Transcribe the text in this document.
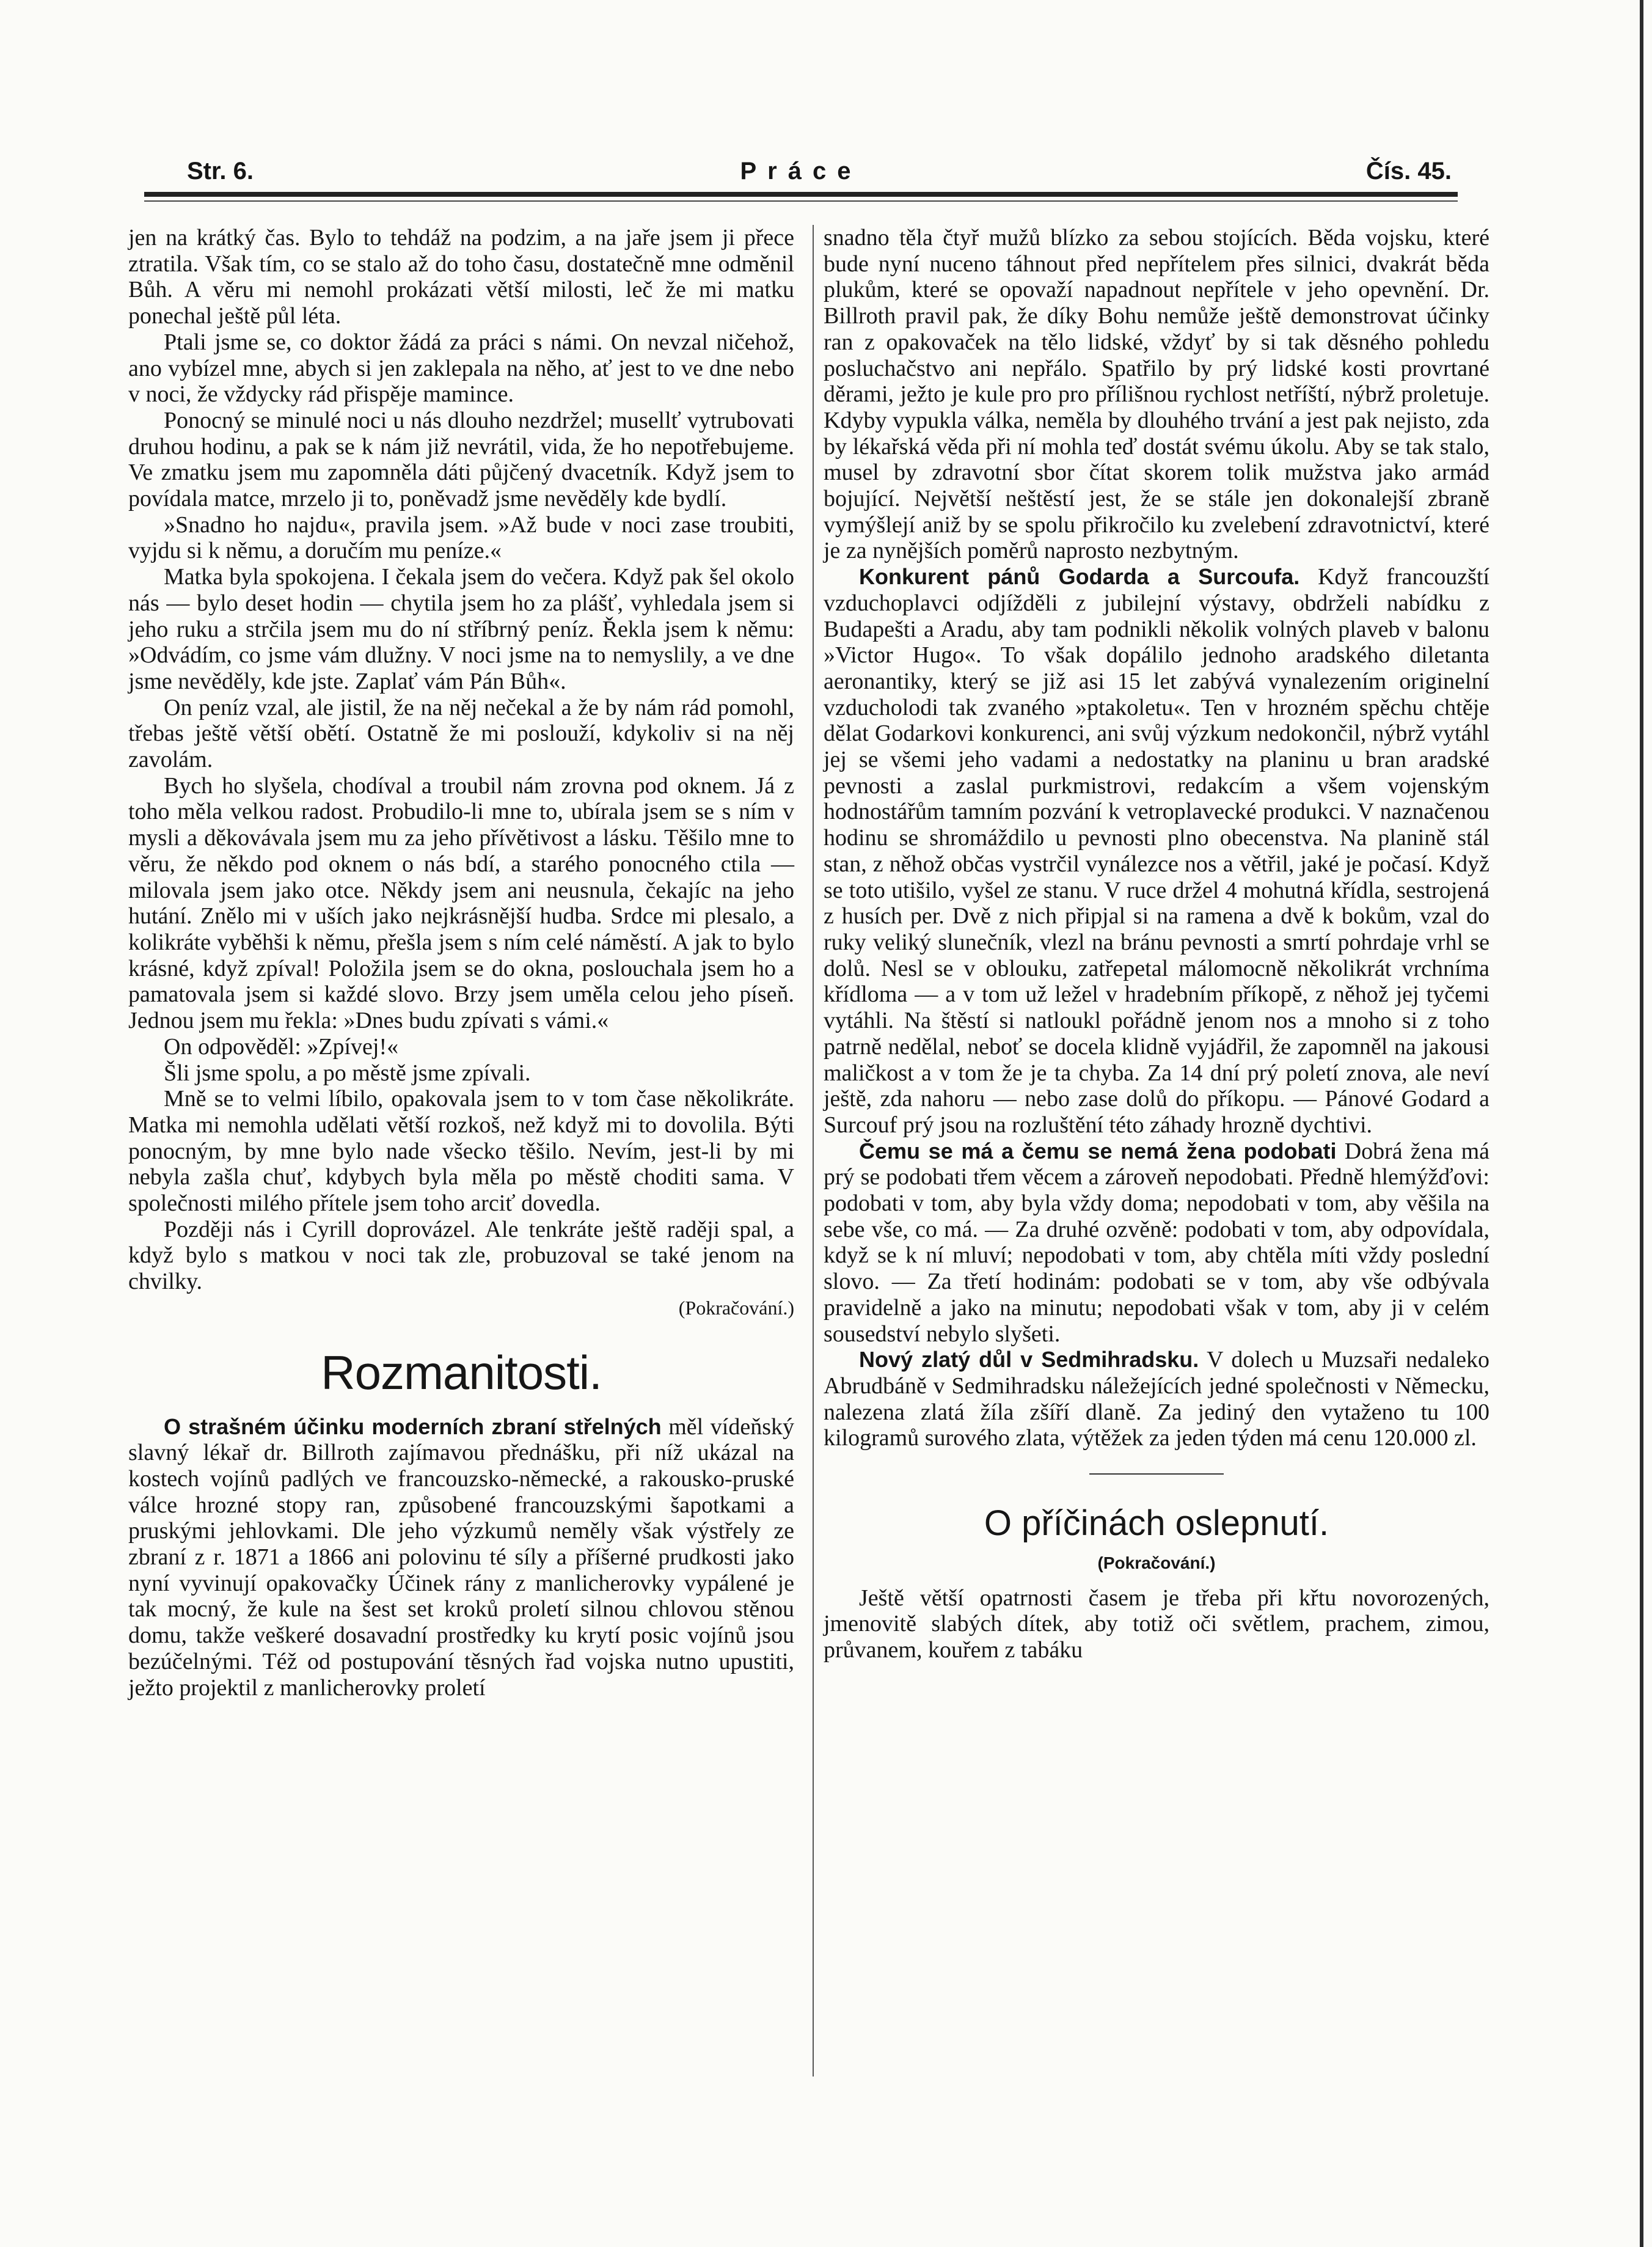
Str. 6.	Práce	Čís. 45.

jen na krátký čas. Bylo to tehdáž na podzim, a na jaře jsem ji přece ztratila. Však tím, co se stalo až do toho času, dostatečně mne odměnil Bůh. A věru mi nemohl prokázati větší milosti, leč že mi matku ponechal ještě půl léta.

Ptali jsme se, co doktor žádá za práci s námi. On nevzal ničehož, ano vybízel mne, abych si jen zaklepala na něho, ať jest to ve dne nebo v noci, že vždycky rád přispěje mamince.

Ponocný se minulé noci u nás dlouho nezdržel; musellť vytrubovati druhou hodinu, a pak se k nám již nevrátil, vida, že ho nepotřebujeme. Ve zmatku jsem mu zapomněla dáti půjčený dvacetník. Když jsem to povídala matce, mrzelo ji to, poněvadž jsme nevěděly kde bydlí.

»Snadno ho najdu«, pravila jsem. »Až bude v noci zase troubiti, vyjdu si k němu, a doručím mu peníze.«

Matka byla spokojena. I čekala jsem do večera. Když pak šel okolo nás — bylo deset hodin — chytila jsem ho za plášť, vyhledala jsem si jeho ruku a strčila jsem mu do ní stříbrný peníz. Řekla jsem k němu: »Odvádím, co jsme vám dlužny. V noci jsme na to nemyslily, a ve dne jsme nevěděly, kde jste. Zaplať vám Pán Bůh«.

On peníz vzal, ale jistil, že na něj nečekal a že by nám rád pomohl, třebas ještě větší obětí. Ostatně že mi poslouží, kdykoliv si na něj zavolám.

Bych ho slyšela, chodíval a troubil nám zrovna pod oknem. Já z toho měla velkou radost. Probudilo-li mne to, ubírala jsem se s ním v mysli a děkovávala jsem mu za jeho přívětivost a lásku. Těšilo mne to věru, že někdo pod oknem o nás bdí, a starého ponocného ctila — milovala jsem jako otce. Někdy jsem ani neusnula, čekajíc na jeho hutání. Znělo mi v uších jako nejkrásnější hudba. Srdce mi plesalo, a kolikráte vyběhši k němu, přešla jsem s ním celé náměstí. A jak to bylo krásné, když zpíval! Položila jsem se do okna, poslouchala jsem ho a pamatovala jsem si každé slovo. Brzy jsem uměla celou jeho píseň. Jednou jsem mu řekla: »Dnes budu zpívati s vámi.«

On odpověděl: »Zpívej!«

Šli jsme spolu, a po městě jsme zpívali.

Mně se to velmi líbilo, opakovala jsem to v tom čase několikráte. Matka mi nemohla udělati větší rozkoš, než když mi to dovolila. Býti ponocným, by mne bylo nade všecko těšilo. Nevím, jest-li by mi nebyla zašla chuť, kdybych byla měla po městě choditi sama. V společnosti milého přítele jsem toho arciť dovedla.

Později nás i Cyrill doprovázel. Ale tenkráte ještě raději spal, a když bylo s matkou v noci tak zle, probuzoval se také jenom na chvilky.

(Pokračování.)
Rozmanitosti.

O strašném účinku moderních zbraní střelných měl vídeňský slavný lékař dr. Billroth zajímavou přednášku, při níž ukázal na kostech vojínů padlých ve francouzsko-německé, a rakousko-pruské válce hrozné stopy ran, způsobené francouzskými šapotkami a pruskými jehlovkami. Dle jeho výzkumů neměly však výstřely ze zbraní z r. 1871 a 1866 ani polovinu té síly a příšerné prudkosti jako nyní vyvinují opakovačky Účinek rány z manlicherovky vypálené je tak mocný, že kule na šest set kroků proletí silnou chlovou stěnou domu, takže veškeré dosavadní prostředky ku krytí posic vojínů jsou bezúčelnými. Též od postupování těsných řad vojska nutno upustiti, ježto projektil z manlicherovky proletí

snadno těla čtyř mužů blízko za sebou stojících. Běda vojsku, které bude nyní nuceno táhnout před nepřítelem přes silnici, dvakrát běda plukům, které se opovaží napadnout nepřítele v jeho opevnění. Dr. Billroth pravil pak, že díky Bohu nemůže ještě demonstrovat účinky ran z opakovaček na tělo lidské, vždyť by si tak děsného pohledu posluchačstvo ani nepřálo. Spatřilo by prý lidské kosti provrtané děrami, ježto je kule pro pro přílišnou rychlost netříští, nýbrž proletuje. Kdyby vypukla válka, neměla by dlouhého trvání a jest pak nejisto, zda by lékařská věda při ní mohla teď dostát svému úkolu. Aby se tak stalo, musel by zdravotní sbor čítat skorem tolik mužstva jako armád bojující. Největší neštěstí jest, že se stále jen dokonalejší zbraně vymýšlejí aniž by se spolu přikročilo ku zvelebení zdravotnictví, které je za nynějších poměrů naprosto nezbytným.

Konkurent pánů Godarda a Surcoufa. Když francouzští vzduchoplavci odjížděli z jubilejní výstavy, obdrželi nabídku z Budapešti a Aradu, aby tam podnikli několik volných plaveb v balonu »Victor Hugo«. To však dopálilo jednoho aradského diletanta aeronantiky, který se již asi 15 let zabývá vynalezením originelní vzducholodi tak zvaného »ptakoletu«. Ten v hrozném spěchu chtěje dělat Godarkovi konkurenci, ani svůj výzkum nedokončil, nýbrž vytáhl jej se všemi jeho vadami a nedostatky na planinu u bran aradské pevnosti a zaslal purkmistrovi, redakcím a všem vojenským hodnostářům tamním pozvání k vetroplavecké produkci. V naznačenou hodinu se shromáždilo u pevnosti plno obecenstva. Na planině stál stan, z něhož občas vystrčil vynálezce nos a větřil, jaké je počasí. Když se toto utišilo, vyšel ze stanu. V ruce držel 4 mohutná křídla, sestrojená z husích per. Dvě z nich připjal si na ramena a dvě k bokům, vzal do ruky veliký slunečník, vlezl na bránu pevnosti a smrtí pohrdaje vrhl se dolů. Nesl se v oblouku, zatřepetal málomocně několikrát vrchníma křídloma — a v tom už ležel v hradebním příkopě, z něhož jej tyčemi vytáhli. Na štěstí si natloukl pořádně jenom nos a mnoho si z toho patrně nedělal, neboť se docela klidně vyjádřil, že zapomněl na jakousi maličkost a v tom že je ta chyba. Za 14 dní prý poletí znova, ale neví ještě, zda nahoru — nebo zase dolů do příkopu. — Pánové Godard a Surcouf prý jsou na rozluštění této záhady hrozně dychtivi.

Čemu se má a čemu se nemá žena podobati Dobrá žena má prý se podobati třem věcem a zároveň nepodobati. Předně hlemýžďovi: podobati v tom, aby byla vždy doma; nepodobati v tom, aby věšila na sebe vše, co má. — Za druhé ozvěně: podobati v tom, aby odpovídala, když se k ní mluví; nepodobati v tom, aby chtěla míti vždy poslední slovo. — Za třetí hodinám: podobati se v tom, aby vše odbývala pravidelně a jako na minutu; nepodobati však v tom, aby ji v celém sousedství nebylo slyšeti.

Nový zlatý důl v Sedmihradsku. V dolech u Muzsaři nedaleko Abrudbáně v Sedmihradsku náležejících jedné společnosti v Německu, nalezena zlatá žíla zšíří dlaně. Za jediný den vytaženo tu 100 kilogramů surového zlata, výtěžek za jeden týden má cenu 120.000 zl.

O příčinách oslepnutí.
(Pokračování.)

Ještě větší opatrnosti časem je třeba při křtu novorozených, jmenovitě slabých dítek, aby totiž oči světlem, prachem, zimou, průvanem, kouřem z tabáku
